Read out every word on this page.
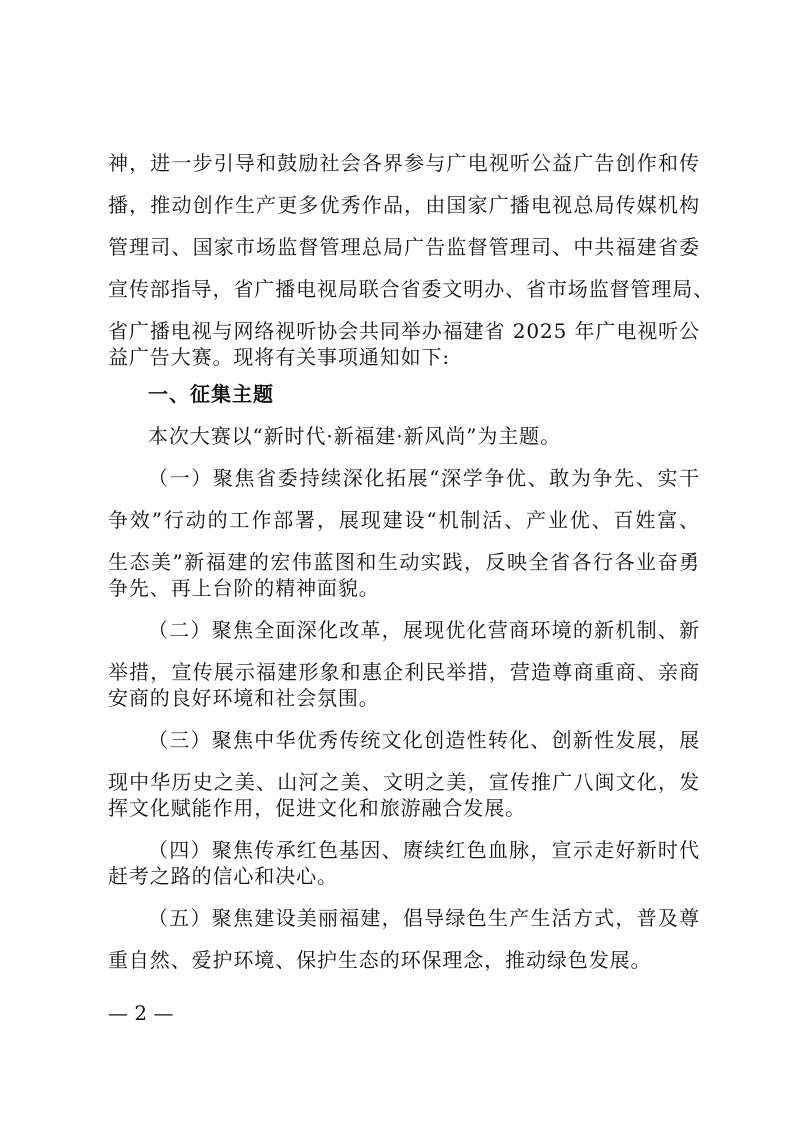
神，进一步引导和鼓励社会各界参与广电视听公益广告创作和传
播，推动创作生产更多优秀作品，由国家广播电视总局传媒机构
管理司、国家市场监督管理总局广告监督管理司、中共福建省委
宣传部指导，省广播电视局联合省委文明办、省市场监督管理局、
省广播电视与网络视听协会共同举办福建省 2025 年广电视听公
益广告大赛。现将有关事项通知如下:
一、征集主题
本次大赛以“新时代·新福建·新风尚”为主题。
（一）聚焦省委持续深化拓展“深学争优、敢为争先、实干
争效”行动的工作部署，展现建设“机制活、产业优、百姓富、
生态美”新福建的宏伟蓝图和生动实践，反映全省各行各业奋勇
争先、再上台阶的精神面貌。
（二）聚焦全面深化改革，展现优化营商环境的新机制、新
举措，宣传展示福建形象和惠企利民举措，营造尊商重商、亲商
安商的良好环境和社会氛围。
（三）聚焦中华优秀传统文化创造性转化、创新性发展，展
现中华历史之美、山河之美、文明之美，宣传推广八闽文化，发
挥文化赋能作用，促进文化和旅游融合发展。
（四）聚焦传承红色基因、赓续红色血脉，宣示走好新时代
赶考之路的信心和决心。
（五）聚焦建设美丽福建，倡导绿色生产生活方式，普及尊
重自然、爱护环境、保护生态的环保理念，推动绿色发展。
— 2 —
